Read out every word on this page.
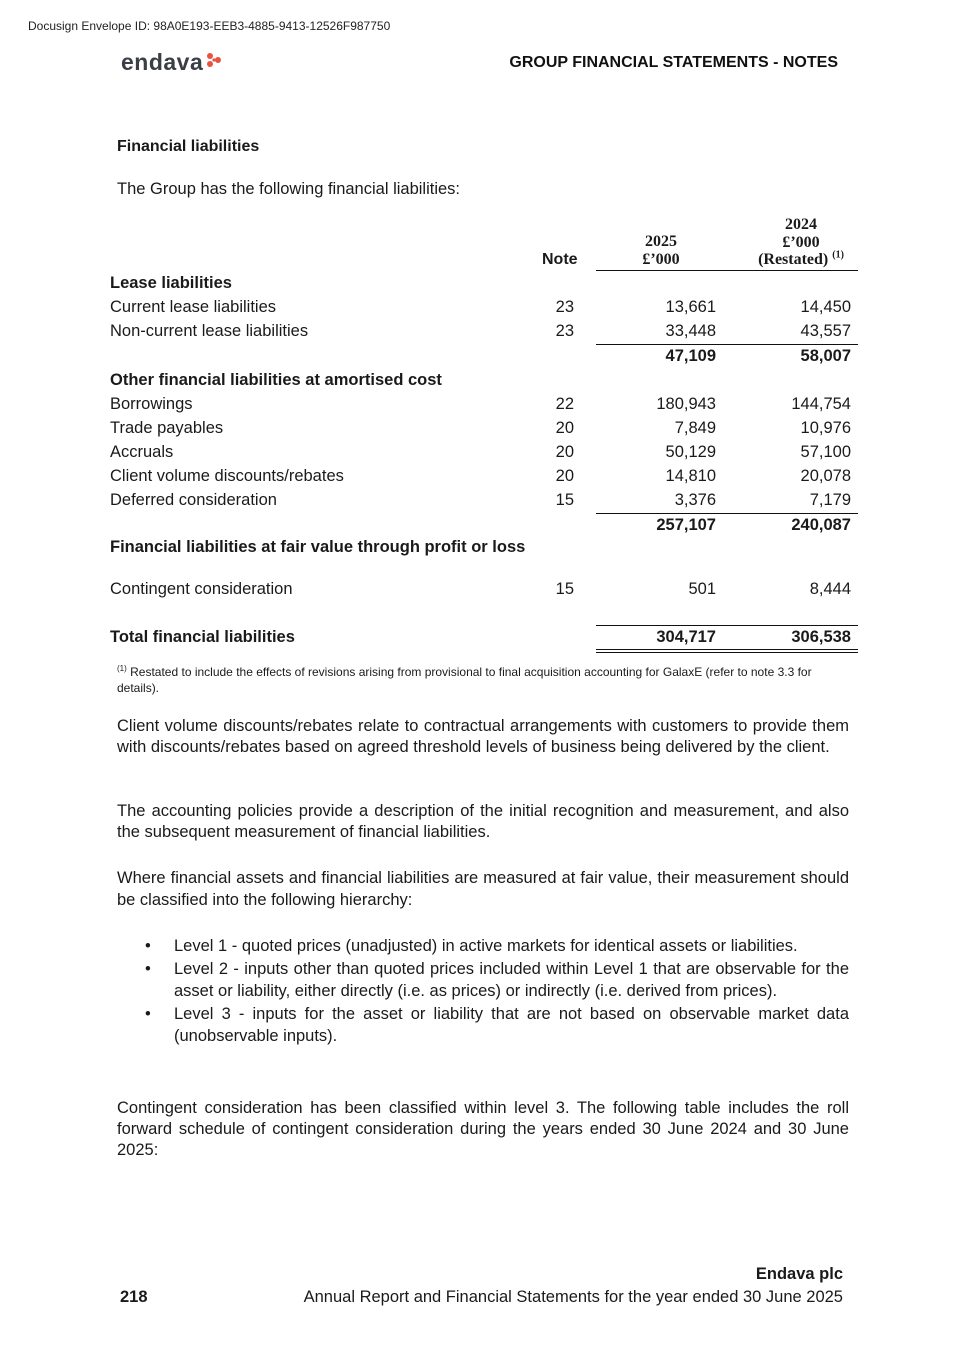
Docusign Envelope ID: 98A0E193-EEB3-4885-9413-12526F987750
endava	GROUP FINANCIAL STATEMENTS - NOTES
Financial liabilities
The Group has the following financial liabilities:
Note
2025
£’000
2024
£’000
(Restated) $^{(1)}$
Lease liabilities
Current lease liabilities	23	13,661	14,450
Non-current lease liabilities	23	33,448	43,557
47,109	58,007
Other financial liabilities at amortised cost
Borrowings	22	180,943	144,754
Trade payables	20	7,849	10,976
Accruals	20	50,129	57,100
Client volume discounts/rebates	20	14,810	20,078
Deferred consideration	15	3,376	7,179
257,107	240,087
Financial liabilities at fair value through profit or loss
Contingent consideration	15	501	8,444
Total financial liabilities	304,717	306,538
$^{(1)}$ Restated to include the effects of revisions arising from provisional to final acquisition accounting for GalaxE (refer to note 3.3 for details).

Client volume discounts/rebates relate to contractual arrangements with customers to provide them with discounts/rebates based on agreed threshold levels of business being delivered by the client.

The accounting policies provide a description of the initial recognition and measurement, and also the subsequent measurement of financial liabilities.

Where financial assets and financial liabilities are measured at fair value, their measurement should be classified into the following hierarchy:

• Level 1 - quoted prices (unadjusted) in active markets for identical assets or liabilities.
• Level 2 - inputs other than quoted prices included within Level 1 that are observable for the asset or liability, either directly (i.e. as prices) or indirectly (i.e. derived from prices).
• Level 3 - inputs for the asset or liability that are not based on observable market data (unobservable inputs).

Contingent consideration has been classified within level 3. The following table includes the roll forward schedule of contingent consideration during the years ended 30 June 2024 and 30 June 2025:

Endava plc
218	Annual Report and Financial Statements for the year ended 30 June 2025
